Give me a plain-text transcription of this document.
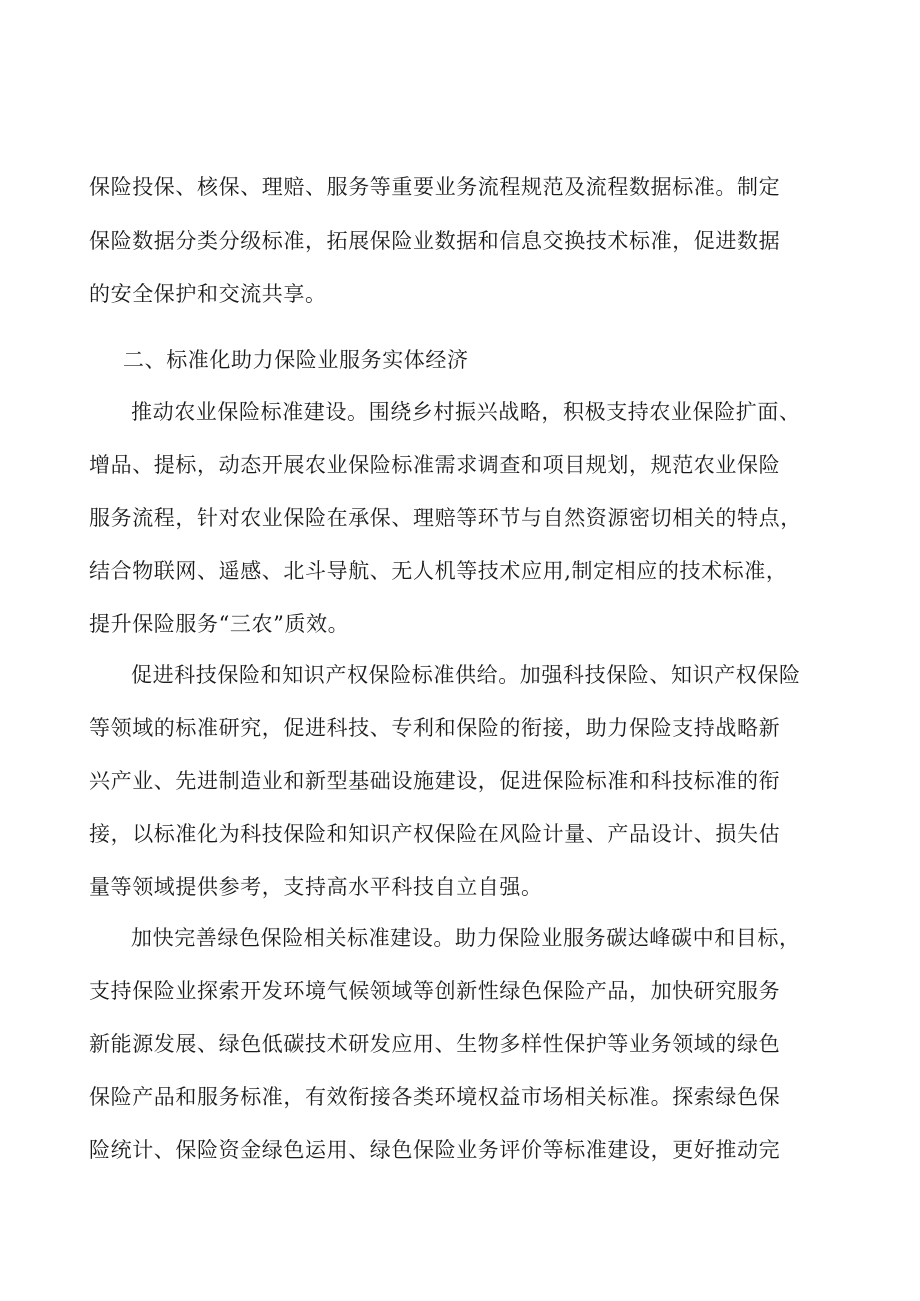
保险投保、核保、理赔、服务等重要业务流程规范及流程数据标准。制定
保险数据分类分级标准，拓展保险业数据和信息交换技术标准，促进数据
的安全保护和交流共享。
二、标准化助力保险业服务实体经济
推动农业保险标准建设。围绕乡村振兴战略，积极支持农业保险扩面、
增品、提标，动态开展农业保险标准需求调查和项目规划，规范农业保险
服务流程，针对农业保险在承保、理赔等环节与自然资源密切相关的特点，
结合物联网、遥感、北斗导航、无人机等技术应用,制定相应的技术标准，
提升保险服务“三农”质效。
促进科技保险和知识产权保险标准供给。加强科技保险、知识产权保险
等领域的标准研究，促进科技、专利和保险的衔接，助力保险支持战略新
兴产业、先进制造业和新型基础设施建设，促进保险标准和科技标准的衔
接，以标准化为科技保险和知识产权保险在风险计量、产品设计、损失估
量等领域提供参考，支持高水平科技自立自强。
加快完善绿色保险相关标准建设。助力保险业服务碳达峰碳中和目标，
支持保险业探索开发环境气候领域等创新性绿色保险产品，加快研究服务
新能源发展、绿色低碳技术研发应用、生物多样性保护等业务领域的绿色
保险产品和服务标准，有效衔接各类环境权益市场相关标准。探索绿色保
险统计、保险资金绿色运用、绿色保险业务评价等标准建设，更好推动完
